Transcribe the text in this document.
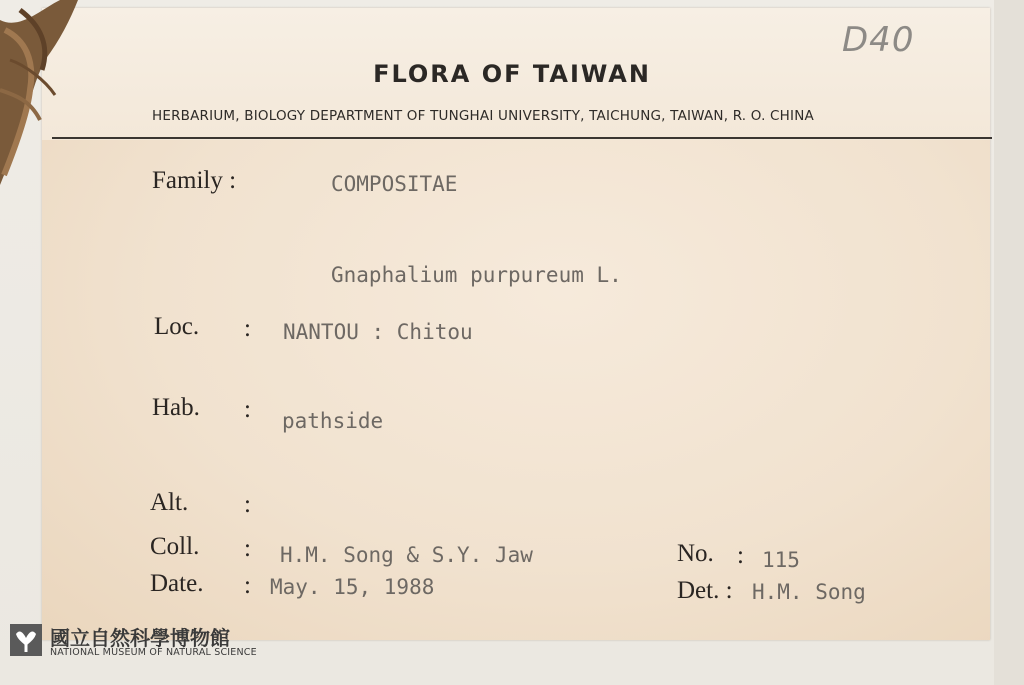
D40
FLORA OF TAIWAN
HERBARIUM, BIOLOGY DEPARTMENT OF TUNGHAI UNIVERSITY, TAICHUNG, TAIWAN, R. O. CHINA
Family :	COMPOSITAE
Gnaphalium purpureum L.
Loc. : NANTOU : Chitou
Hab. : pathside
Alt. :
Coll. : H.M. Song & S.Y. Jaw
Date. : May. 15, 1988
No. : 115
Det. : H.M. Song
國立自然科學博物館
NATIONAL MUSEUM OF NATURAL SCIENCE
